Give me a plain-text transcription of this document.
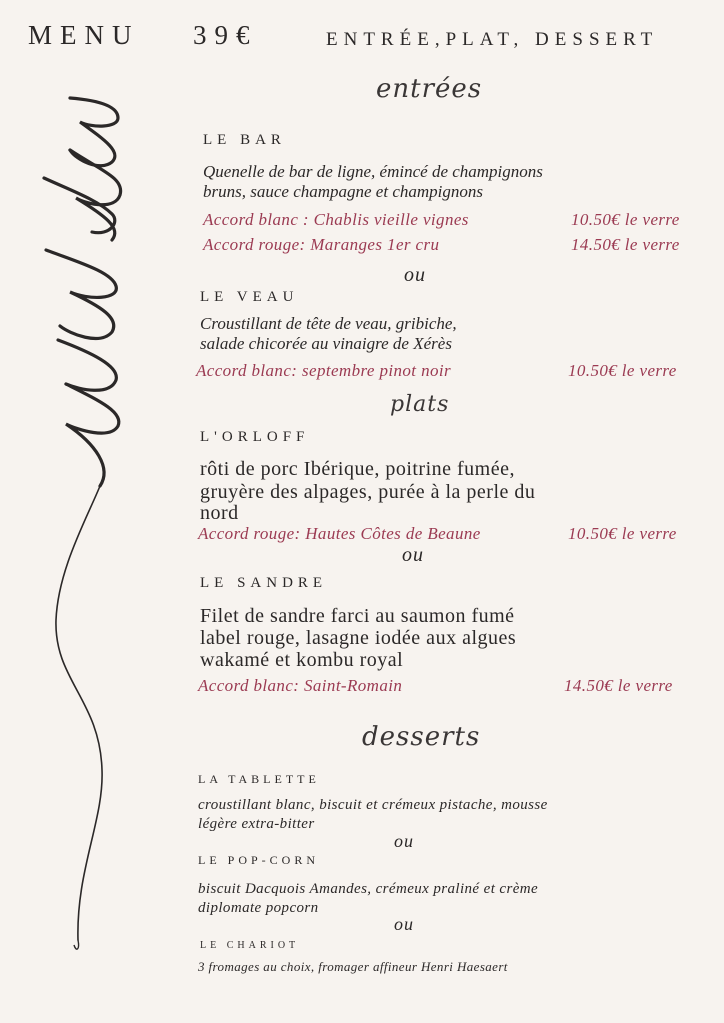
MENU 39€	ENTRÉE,PLAT, DESSERT
entrées
LE BAR
Quenelle de bar de ligne, émincé de champignons
bruns, sauce champagne et champignons
Accord blanc : Chablis vieille vignes	10.50€ le verre
Accord rouge: Maranges 1er cru	14.50€ le verre
ou
LE VEAU
Croustillant de tête de veau, gribiche,
salade chicorée au vinaigre de Xérès
Accord blanc: septembre pinot noir	10.50€ le verre
plats
L'ORLOFF
rôti de porc Ibérique, poitrine fumée,
gruyère des alpages, purée à la perle du
nord
Accord rouge: Hautes Côtes de Beaune	10.50€ le verre
ou
LE SANDRE
Filet de sandre farci au saumon fumé
label rouge, lasagne iodée aux algues
wakamé et kombu royal
Accord blanc: Saint-Romain	14.50€ le verre
desserts
LA TABLETTE
croustillant blanc, biscuit et crémeux pistache, mousse
légère extra-bitter
ou
LE POP-CORN
biscuit Dacquois Amandes, crémeux praliné et crème
diplomate popcorn
ou
LE CHARIOT
3 fromages au choix, fromager affineur Henri Haesaert
